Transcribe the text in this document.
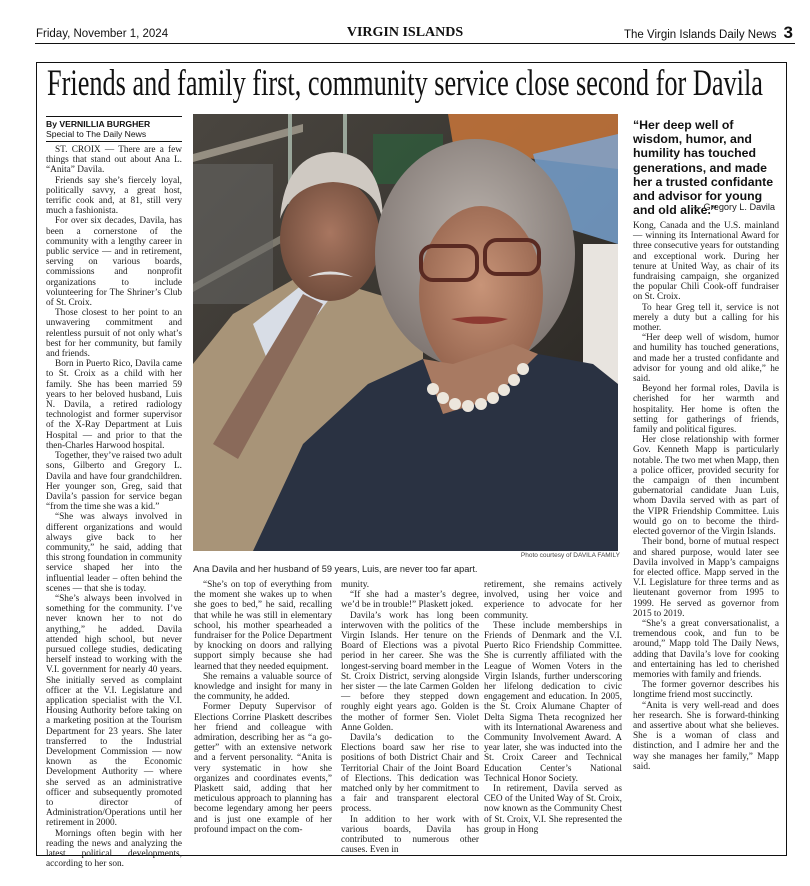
Friday, November 1, 2024	VIRGIN ISLANDS	The Virgin Islands Daily News 3
Friends and family first, community service close second for Davila
By VERNILLIA BURGHER
Special to The Daily News

ST. CROIX — There are a few things that stand out about Ana L. “Anita” Davila.

Friends say she’s fiercely loyal, politically savvy, a great host, terrific cook and, at 81, still very much a fashionista.

For over six decades, Davila, has been a cornerstone of the community with a lengthy career in public service — and in retirement, serving on various boards, commissions and nonprofit organizations to include volunteering for The Shriner’s Club of St. Croix.

Those closest to her point to an unwavering commitment and relentless pursuit of not only what’s best for her community, but family and friends.

Born in Puerto Rico, Davila came to St. Croix as a child with her family. She has been married 59 years to her beloved husband, Luis N. Davila, a retired radiology technologist and former supervisor of the X-Ray Department at Luis Hospital — and prior to that the then-Charles Harwood hospital.

Together, they’ve raised two adult sons, Gilberto and Gregory L. Davila and have four grandchildren. Her younger son, Greg, said that Davila’s passion for service began “from the time she was a kid.”

“She was always involved in different organizations and would always give back to her community,” he said, adding that this strong foundation in community service shaped her into the influential leader – often behind the scenes — that she is today.

“She’s always been involved in something for the community. I’ve never known her to not do anything,” he added. Davila attended high school, but never pursued college studies, dedicating herself instead to working with the V.I. government for nearly 40 years. She initially served as complaint officer at the V.I. Legislature and application specialist with the V.I. Housing Authority before taking on a marketing position at the Tourism Department for 23 years. She later transferred to the Industrial Development Commission — now known as the Economic Development Authority — where she served as an administrative officer and subsequently promoted to director of Administration/Operations until her retirement in 2000.

Mornings often begin with her reading the news and analyzing the latest political developments, according to her son.

Photo courtesy of DAVILA FAMILY
Ana Davila and her husband of 59 years, Luis, are never too far apart.
“Her deep well of wisdom, humor, and humility has touched generations, and made her a trusted confidante and advisor for young and old alike.”
— Gregory L. Davila

“She’s on top of everything from the moment she wakes up to when she goes to bed,” he said, recalling that while he was still in elementary school, his mother spearheaded a fundraiser for the Police Department by knocking on doors and rallying support simply because she had learned that they needed equipment.

She remains a valuable source of knowledge and insight for many in the community, he added.

Former Deputy Supervisor of Elections Corrine Plaskett describes her friend and colleague with admiration, describing her as “a go-getter” with an extensive network and a fervent personality. “Anita is very systematic in how she organizes and coordinates events,” Plaskett said, adding that her meticulous approach to planning has become legendary among her peers and is just one example of her profound impact on the com-

munity.

“If she had a master’s degree, we’d be in trouble!” Plaskett joked.

Davila’s work has long been interwoven with the politics of the Virgin Islands. Her tenure on the Board of Elections was a pivotal period in her career. She was the longest-serving board member in the St. Croix District, serving alongside her sister — the late Carmen Golden — before they stepped down roughly eight years ago. Golden is the mother of former Sen. Violet Anne Golden.

Davila’s dedication to the Elections board saw her rise to positions of both District Chair and Territorial Chair of the Joint Board of Elections. This dedication was matched only by her commitment to a fair and transparent electoral process.

In addition to her work with various boards, Davila has contributed to numerous other causes. Even in

retirement, she remains actively involved, using her voice and experience to advocate for her community.

These include memberships in Friends of Denmark and the V.I. Puerto Rico Friendship Committee. She is currently affiliated with the League of Women Voters in the Virgin Islands, further underscoring her lifelong dedication to civic engagement and education. In 2005, the St. Croix Alumane Chapter of Delta Sigma Theta recognized her with its International Awareness and Community Involvement Award. A year later, she was inducted into the St. Croix Career and Technical Education Center’s National Technical Honor Society.

In retirement, Davila served as CEO of the United Way of St. Croix, now known as the Community Chest of St. Croix, V.I. She represented the group in Hong

Kong, Canada and the U.S. mainland — winning its International Award for three consecutive years for outstanding and exceptional work. During her tenure at United Way, as chair of its fundraising campaign, she organized the popular Chili Cook-off fundraiser on St. Croix.

To hear Greg tell it, service is not merely a duty but a calling for his mother.

“Her deep well of wisdom, humor and humility has touched generations, and made her a trusted confidante and advisor for young and old alike,” he said.

Beyond her formal roles, Davila is cherished for her warmth and hospitality. Her home is often the setting for gatherings of friends, family and political figures.

Her close relationship with former Gov. Kenneth Mapp is particularly notable. The two met when Mapp, then a police officer, provided security for the campaign of then incumbent gubernatorial candidate Juan Luis, whom Davila served with as part of the VIPR Friendship Committee. Luis would go on to become the third-elected governor of the Virgin Islands.

Their bond, borne of mutual respect and shared purpose, would later see Davila involved in Mapp’s campaigns for elected office. Mapp served in the V.I. Legislature for three terms and as lieutenant governor from 1995 to 1999. He served as governor from 2015 to 2019.

“She’s a great conversationalist, a tremendous cook, and fun to be around,” Mapp told The Daily News, adding that Davila’s love for cooking and entertaining has led to cherished memories with family and friends.

The former governor describes his longtime friend most succinctly.

“Anita is very well-read and does her research. She is forward-thinking and assertive about what she believes. She is a woman of class and distinction, and I admire her and the way she manages her family,” Mapp said.
